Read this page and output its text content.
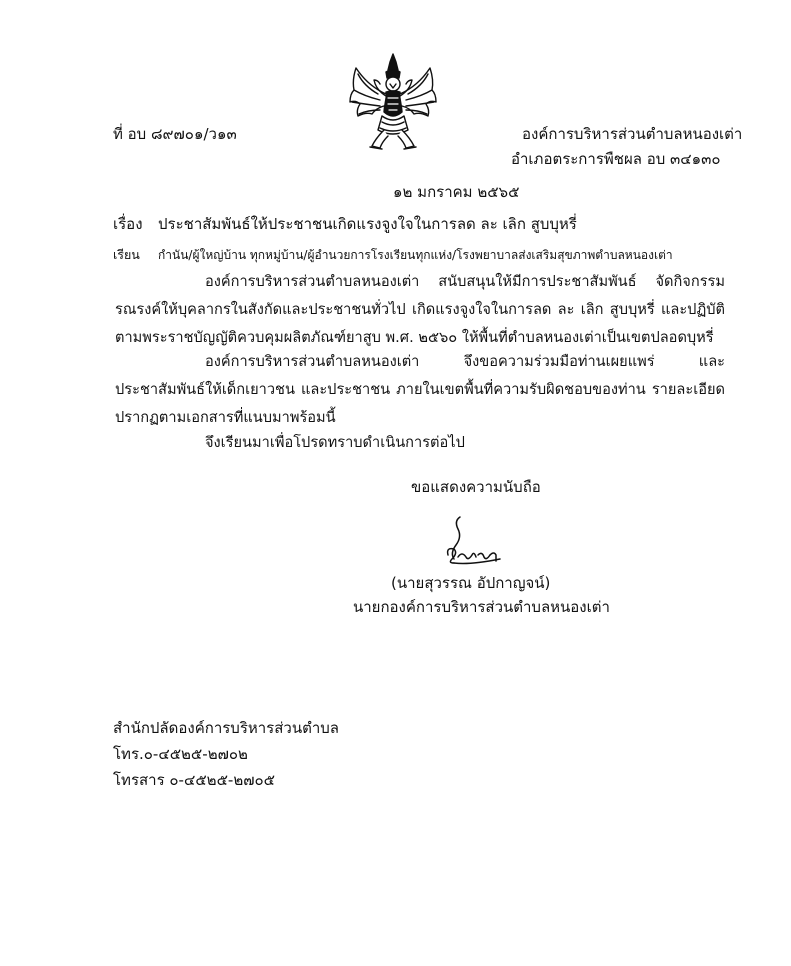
ที่ อบ ๘๙๗๐๑/ว๑๓	องค์การบริหารส่วนตำบลหนองเต่า
อำเภอตระการพืชผล อบ ๓๔๑๓๐
๑๒ มกราคม ๒๕๖๕
เรื่อง ประชาสัมพันธ์ให้ประชาชนเกิดแรงจูงใจในการลด ละ เลิก สูบบุหรี่
เรียน กำนัน/ผู้ใหญ่บ้าน ทุกหมู่บ้าน/ผู้อำนวยการโรงเรียนทุกแห่ง/โรงพยาบาลส่งเสริมสุขภาพตำบลหนองเต่า

องค์การบริหารส่วนตำบลหนองเต่า สนับสนุนให้มีการประชาสัมพันธ์ จัดกิจกรรมรณรงค์ให้บุคลากรในสังกัดและประชาชนทั่วไป เกิดแรงจูงใจในการลด ละ เลิก สูบบุหรี่ และปฏิบัติตามพระราชบัญญัติควบคุมผลิตภัณฑ์ยาสูบ พ.ศ. ๒๕๖๐ ให้พื้นที่ตำบลหนองเต่าเป็นเขตปลอดบุหรี่

องค์การบริหารส่วนตำบลหนองเต่า จึงขอความร่วมมือท่านเผยแพร่ และประชาสัมพันธ์ให้เด็กเยาวชน และประชาชน ภายในเขตพื้นที่ความรับผิดชอบของท่าน รายละเอียดปรากฏตามเอกสารที่แนบมาพร้อมนี้

จึงเรียนมาเพื่อโปรดทราบดำเนินการต่อไป

ขอแสดงความนับถือ
(นายสุวรรณ อัปกาญจน์)
นายกองค์การบริหารส่วนตำบลหนองเต่า
สำนักปลัดองค์การบริหารส่วนตำบล
โทร.๐-๔๕๒๕-๒๗๐๒
โทรสาร ๐-๔๕๒๕-๒๗๐๕
